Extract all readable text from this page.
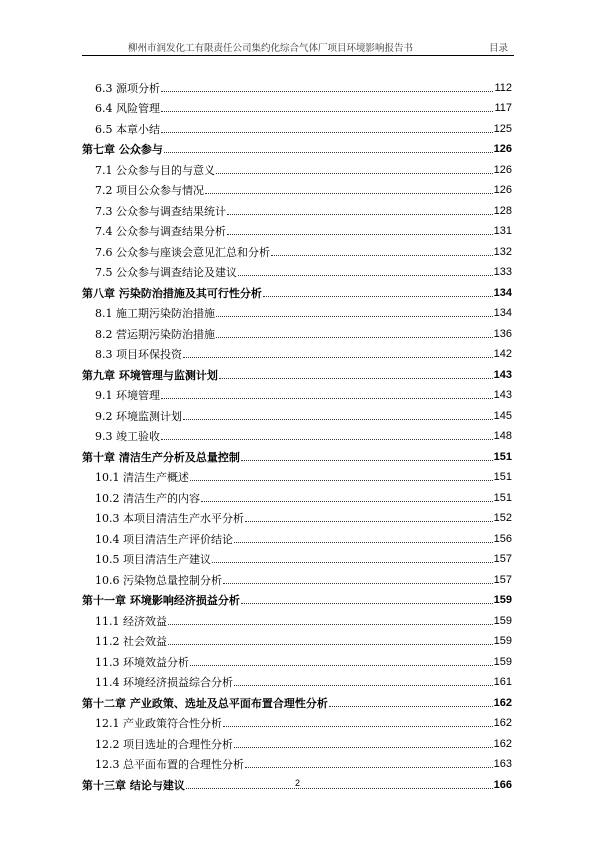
柳州市润发化工有限责任公司集约化综合气体厂项目环境影响报告书	目录
6.3 源项分析	112
6.4 风险管理	117
6.5 本章小结	125
第七章 公众参与	126
7.1 公众参与目的与意义	126
7.2 项目公众参与情况	126
7.3 公众参与调查结果统计	128
7.4 公众参与调查结果分析	131
7.6 公众参与座谈会意见汇总和分析	132
7.5 公众参与调查结论及建议	133
第八章 污染防治措施及其可行性分析	134
8.1 施工期污染防治措施	134
8.2 营运期污染防治措施	136
8.3 项目环保投资	142
第九章 环境管理与监测计划	143
9.1 环境管理	143
9.2 环境监测计划	145
9.3 竣工验收	148
第十章 清洁生产分析及总量控制	151
10.1 清洁生产概述	151
10.2 清洁生产的内容	151
10.3 本项目清洁生产水平分析	152
10.4 项目清洁生产评价结论	156
10.5 项目清洁生产建议	157
10.6 污染物总量控制分析	157
第十一章 环境影响经济损益分析	159
11.1 经济效益	159
11.2 社会效益	159
11.3 环境效益分析	159
11.4 环境经济损益综合分析	161
第十二章 产业政策、选址及总平面布置合理性分析	162
12.1 产业政策符合性分析	162
12.2 项目选址的合理性分析	162
12.3 总平面布置的合理性分析	163
第十三章 结论与建议	166
2
